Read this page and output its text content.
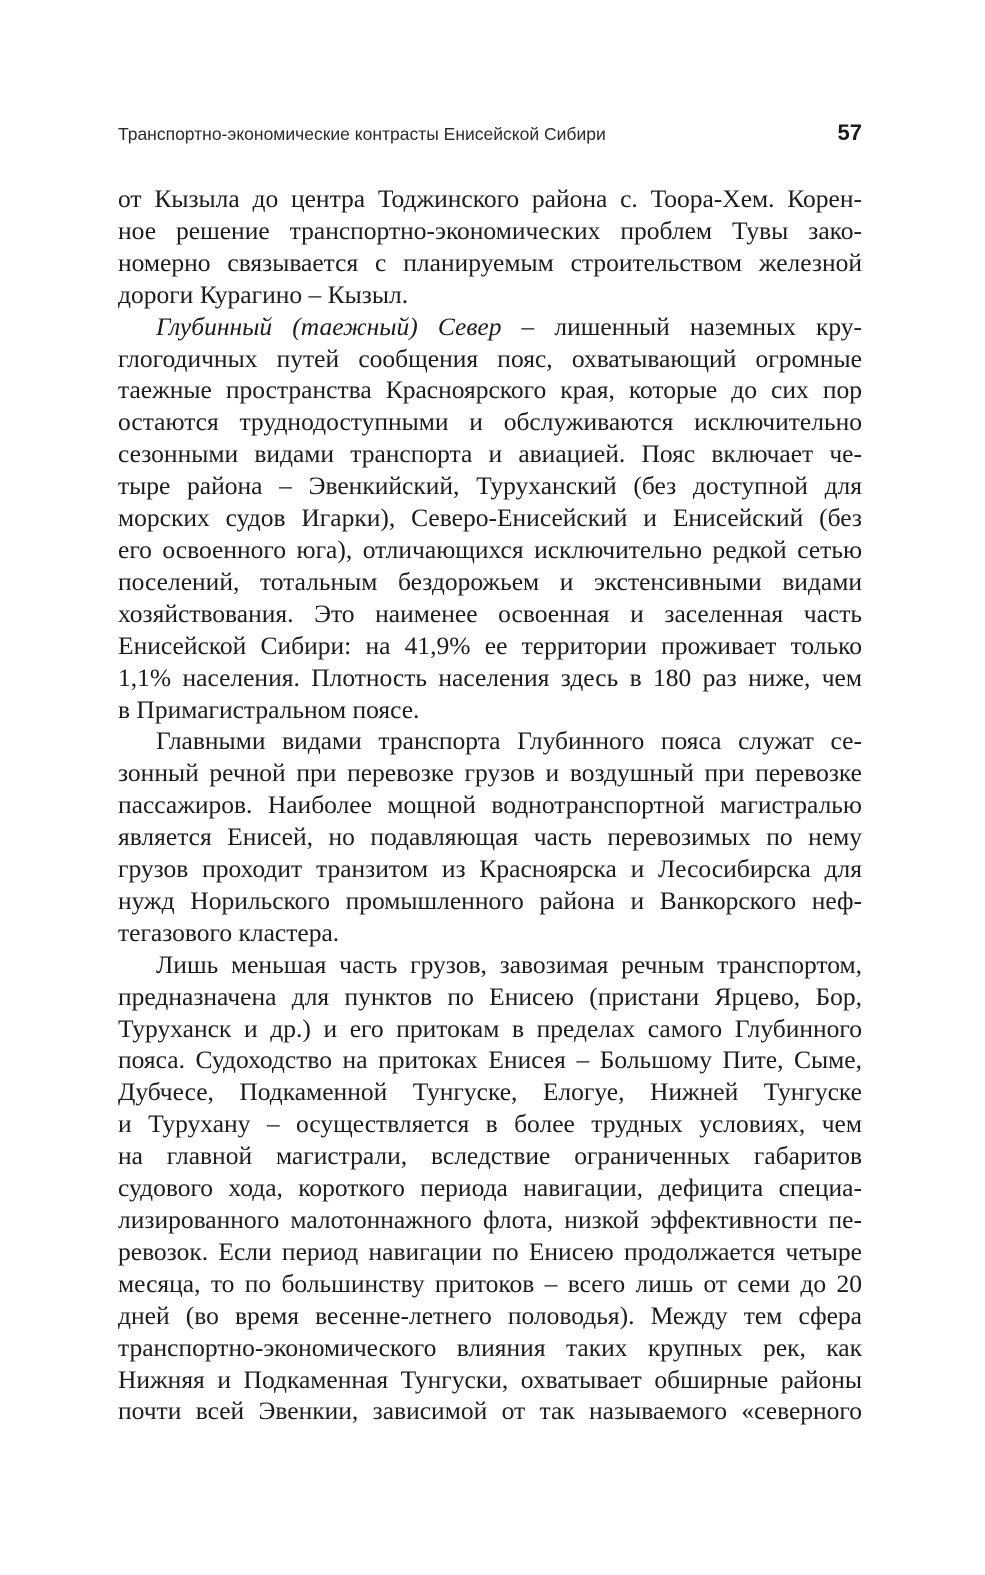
Транспортно-экономические контрасты Енисейской Сибири	57
от Кызыла до центра Тоджинского района с. Тоора-Хем. Корен-
ное решение транспортно-экономических проблем Тувы зако-
номерно связывается с планируемым строительством железной
дороги Курагино – Кызыл.
Глубинный (таежный) Север – лишенный наземных кру-
глогодичных путей сообщения пояс, охватывающий огромные
таежные пространства Красноярского края, которые до сих пор
остаются труднодоступными и обслуживаются исключительно
сезонными видами транспорта и авиацией. Пояс включает че-
тыре района – Эвенкийский, Туруханский (без доступной для
морских судов Игарки), Северо-Енисейский и Енисейский (без
его освоенного юга), отличающихся исключительно редкой сетью
поселений, тотальным бездорожьем и экстенсивными видами
хозяйствования. Это наименее освоенная и заселенная часть
Енисейской Сибири: на 41,9% ее территории проживает только
1,1% населения. Плотность населения здесь в 180 раз ниже, чем
в Примагистральном поясе.
Главными видами транспорта Глубинного пояса служат се-
зонный речной при перевозке грузов и воздушный при перевозке
пассажиров. Наиболее мощной воднотранспортной магистралью
является Енисей, но подавляющая часть перевозимых по нему
грузов проходит транзитом из Красноярска и Лесосибирска для
нужд Норильского промышленного района и Ванкорского неф-
тегазового кластера.
Лишь меньшая часть грузов, завозимая речным транспортом,
предназначена для пунктов по Енисею (пристани Ярцево, Бор,
Туруханск и др.) и его притокам в пределах самого Глубинного
пояса. Судоходство на притоках Енисея – Большому Пите, Сыме,
Дубчесе, Подкаменной Тунгуске, Елогуе, Нижней Тунгуске
и Турухану – осуществляется в более трудных условиях, чем
на главной магистрали, вследствие ограниченных габаритов
судового хода, короткого периода навигации, дефицита специа-
лизированного малотоннажного флота, низкой эффективности пе-
ревозок. Если период навигации по Енисею продолжается четыре
месяца, то по большинству притоков – всего лишь от семи до 20
дней (во время весенне-летнего половодья). Между тем сфера
транспортно-экономического влияния таких крупных рек, как
Нижняя и Подкаменная Тунгуски, охватывает обширные районы
почти всей Эвенкии, зависимой от так называемого «северного
